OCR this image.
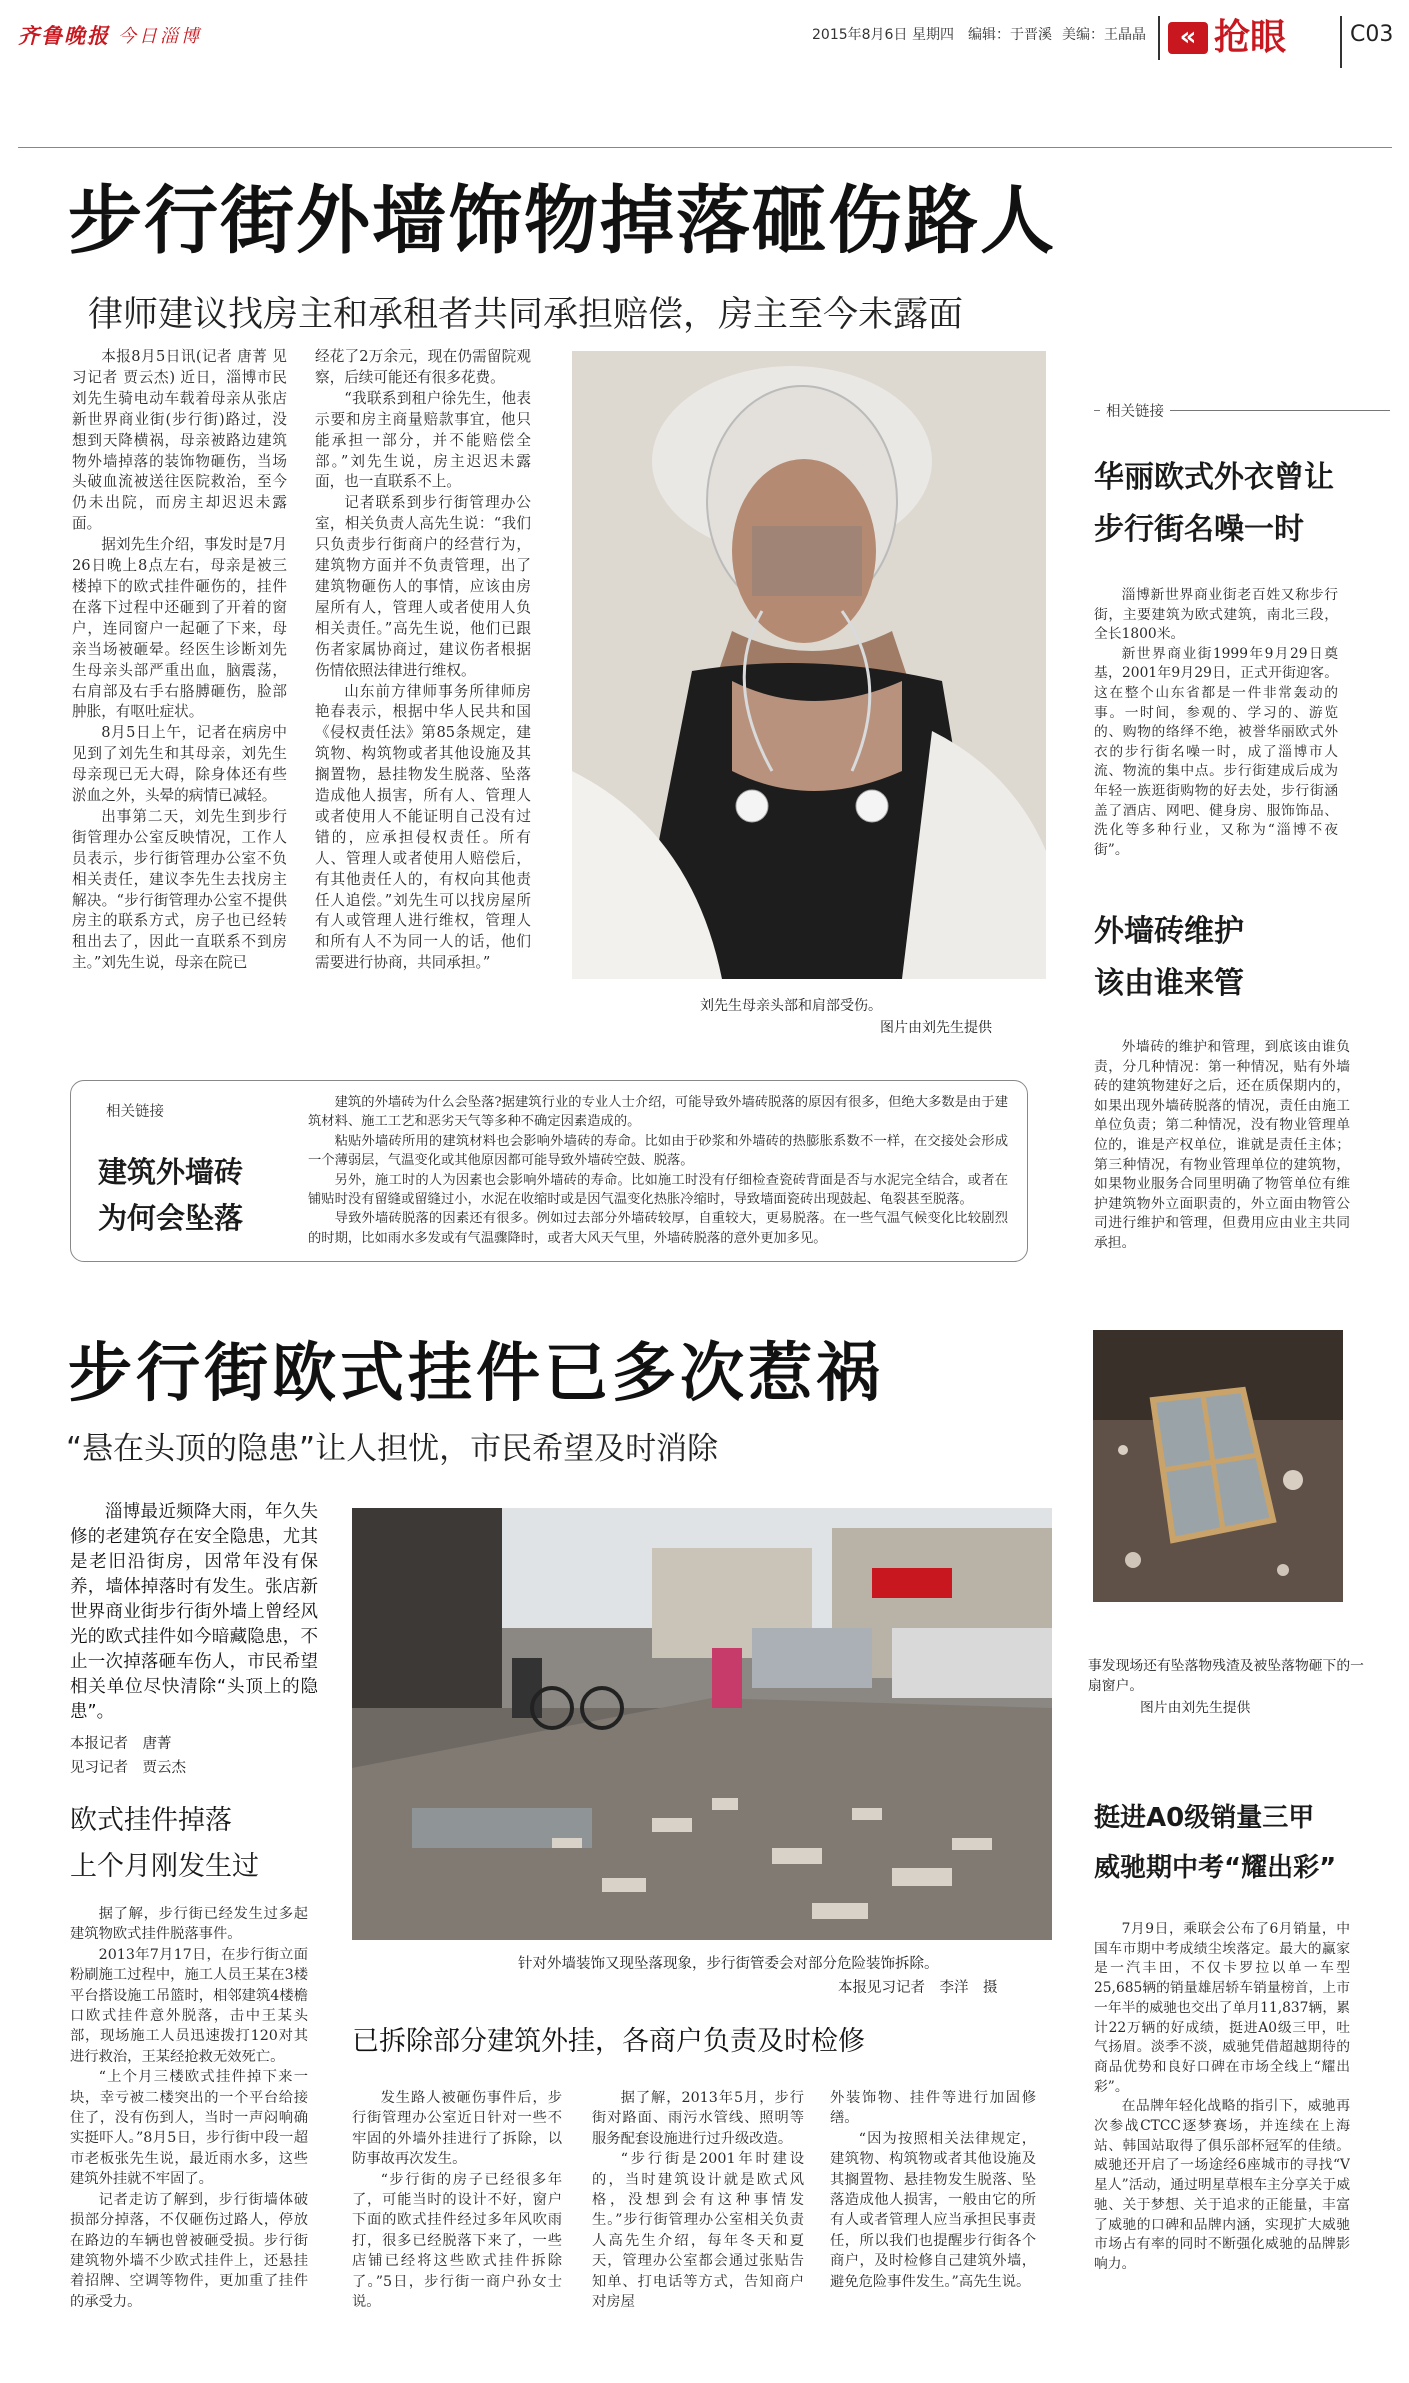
齐鲁晚报 今日淄博	2015年8月6日 星期四 编辑：于晋溪 美编：王晶晶	« 抢眼	C03
步行街外墙饰物掉落砸伤路人
律师建议找房主和承租者共同承担赔偿，房主至今未露面

本报8月5日讯(记者 唐菁 见习记者 贾云杰) 近日，淄博市民刘先生骑电动车载着母亲从张店新世界商业街(步行街)路过，没想到天降横祸，母亲被路边建筑物外墙掉落的装饰物砸伤，当场头破血流被送往医院救治，至今仍未出院，而房主却迟迟未露面。

据刘先生介绍，事发时是7月26日晚上8点左右，母亲是被三楼掉下的欧式挂件砸伤的，挂件在落下过程中还砸到了开着的窗户，连同窗户一起砸了下来，母亲当场被砸晕。经医生诊断刘先生母亲头部严重出血，脑震荡，右肩部及右手右胳膊砸伤，脸部肿胀，有呕吐症状。

8月5日上午，记者在病房中见到了刘先生和其母亲，刘先生母亲现已无大碍，除身体还有些淤血之外，头晕的病情已减轻。

出事第二天，刘先生到步行街管理办公室反映情况，工作人员表示，步行街管理办公室不负相关责任，建议李先生去找房主解决。“步行街管理办公室不提供房主的联系方式，房子也已经转租出去了，因此一直联系不到房主。”刘先生说，母亲在院已

经花了2万余元，现在仍需留院观察，后续可能还有很多花费。

“我联系到租户徐先生，他表示要和房主商量赔款事宜，他只能承担一部分，并不能赔偿全部。”刘先生说，房主迟迟未露面，也一直联系不上。

记者联系到步行街管理办公室，相关负责人高先生说：“我们只负责步行街商户的经营行为，建筑物方面并不负责管理，出了建筑物砸伤人的事情，应该由房屋所有人，管理人或者使用人负相关责任。”高先生说，他们已跟伤者家属协商过，建议伤者根据伤情依照法律进行维权。

山东前方律师事务所律师房艳春表示，根据中华人民共和国《侵权责任法》第85条规定，建筑物、构筑物或者其他设施及其搁置物，悬挂物发生脱落、坠落造成他人损害，所有人、管理人或者使用人不能证明自己没有过错的，应承担侵权责任。所有人、管理人或者使用人赔偿后，有其他责任人的，有权向其他责任人追偿。”刘先生可以找房屋所有人或管理人进行维权，管理人和所有人不为同一人的话，他们需要进行协商，共同承担。”

刘先生母亲头部和肩部受伤。
图片由刘先生提供
相关链接
华丽欧式外衣曾让
步行街名噪一时

淄博新世界商业街老百姓又称步行街，主要建筑为欧式建筑，南北三段，全长1800米。

新世界商业街1999年9月29日奠基，2001年9月29日，正式开街迎客。这在整个山东省都是一件非常轰动的事。一时间，参观的、学习的、游览的、购物的络绎不绝，被誉华丽欧式外衣的步行街名噪一时，成了淄博市人流、物流的集中点。步行街建成后成为年轻一族逛街购物的好去处，步行街涵盖了酒店、网吧、健身房、服饰饰品、洗化等多种行业，又称为“淄博不夜街”。

外墙砖维护
该由谁来管

外墙砖的维护和管理，到底该由谁负责，分几种情况：第一种情况，贴有外墙砖的建筑物建好之后，还在质保期内的，如果出现外墙砖脱落的情况，责任由施工单位负责；第二种情况，没有物业管理单位的，谁是产权单位，谁就是责任主体；第三种情况，有物业管理单位的建筑物，如果物业服务合同里明确了物管单位有维护建筑物外立面职责的，外立面由物管公司进行维护和管理，但费用应由业主共同承担。

事发现场还有坠落物残渣及被坠落物砸下的一扇窗户。
图片由刘先生提供
相关链接
建筑外墙砖
为何会坠落

建筑的外墙砖为什么会坠落?据建筑行业的专业人士介绍，可能导致外墙砖脱落的原因有很多，但绝大多数是由于建筑材料、施工工艺和恶劣天气等多种不确定因素造成的。

粘贴外墙砖所用的建筑材料也会影响外墙砖的寿命。比如由于砂浆和外墙砖的热膨胀系数不一样，在交接处会形成一个薄弱层，气温变化或其他原因都可能导致外墙砖空鼓、脱落。

另外，施工时的人为因素也会影响外墙砖的寿命。比如施工时没有仔细检查瓷砖背面是否与水泥完全结合，或者在铺贴时没有留缝或留缝过小，水泥在收缩时或是因气温变化热胀冷缩时，导致墙面瓷砖出现鼓起、龟裂甚至脱落。

导致外墙砖脱落的因素还有很多。例如过去部分外墙砖较厚，自重较大，更易脱落。在一些气温气候变化比较剧烈的时期，比如雨水多发或有气温骤降时，或者大风天气里，外墙砖脱落的意外更加多见。

步行街欧式挂件已多次惹祸
“悬在头顶的隐患”让人担忧，市民希望及时消除
淄博最近频降大雨，年久失修的老建筑存在安全隐患，尤其是老旧沿街房，因常年没有保养，墙体掉落时有发生。张店新世界商业街步行街外墙上曾经风光的欧式挂件如今暗藏隐患，不止一次掉落砸车伤人，市民希望相关单位尽快清除“头顶上的隐患”。
本报记者　唐菁
见习记者　贾云杰
欧式挂件掉落
上个月刚发生过

据了解，步行街已经发生过多起建筑物欧式挂件脱落事件。

2013年7月17日，在步行街立面粉刷施工过程中，施工人员王某在3楼平台搭设施工吊篮时，相邻建筑4楼檐口欧式挂件意外脱落，击中王某头部，现场施工人员迅速拨打120对其进行救治，王某经抢救无效死亡。

“上个月三楼欧式挂件掉下来一块，幸亏被二楼突出的一个平台给接住了，没有伤到人，当时一声闷响确实挺吓人。”8月5日，步行街中段一超市老板张先生说，最近雨水多，这些建筑外挂就不牢固了。

记者走访了解到，步行街墙体破损部分掉落，不仅砸伤过路人，停放在路边的车辆也曾被砸受损。步行街建筑物外墙不少欧式挂件上，还悬挂着招牌、空调等物件，更加重了挂件的承受力。

针对外墙装饰又现坠落现象，步行街管委会对部分危险装饰拆除。
本报见习记者　李洋　摄
已拆除部分建筑外挂，各商户负责及时检修

发生路人被砸伤事件后，步行街管理办公室近日针对一些不牢固的外墙外挂进行了拆除，以防事故再次发生。

“步行街的房子已经很多年了，可能当时的设计不好，窗户下面的欧式挂件经过多年风吹雨打，很多已经脱落下来了，一些店铺已经将这些欧式挂件拆除了。”5日，步行街一商户孙女士说。

据了解，2013年5月，步行街对路面、雨污水管线、照明等服务配套设施进行过升级改造。

“步行街是2001年时建设的，当时建筑设计就是欧式风格，没想到会有这种事情发生。”步行街管理办公室相关负责人高先生介绍，每年冬天和夏天，管理办公室都会通过张贴告知单、打电话等方式，告知商户对房屋

外装饰物、挂件等进行加固修缮。

“因为按照相关法律规定，建筑物、构筑物或者其他设施及其搁置物、悬挂物发生脱落、坠落造成他人损害，一般由它的所有人或者管理人应当承担民事责任，所以我们也提醒步行街各个商户，及时检修自己建筑外墙，避免危险事件发生。”高先生说。

挺进A0级销量三甲
威驰期中考“耀出彩”

7月9日，乘联会公布了6月销量，中国车市期中考成绩尘埃落定。最大的赢家是一汽丰田，不仅卡罗拉以单一车型25,685辆的销量雄居轿车销量榜首，上市一年半的威驰也交出了单月11,837辆，累计22万辆的好成绩，挺进A0级三甲，吐气扬眉。淡季不淡，威驰凭借超越期待的商品优势和良好口碑在市场全线上“耀出彩”。

在品牌年轻化战略的指引下，威驰再次参战CTCC逐梦赛场，并连续在上海站、韩国站取得了俱乐部杯冠军的佳绩。威驰还开启了一场途经6座城市的寻找“V星人”活动，通过明星草根车主分享关于威驰、关于梦想、关于追求的正能量，丰富了威驰的口碑和品牌内涵，实现扩大威驰市场占有率的同时不断强化威驰的品牌影响力。
